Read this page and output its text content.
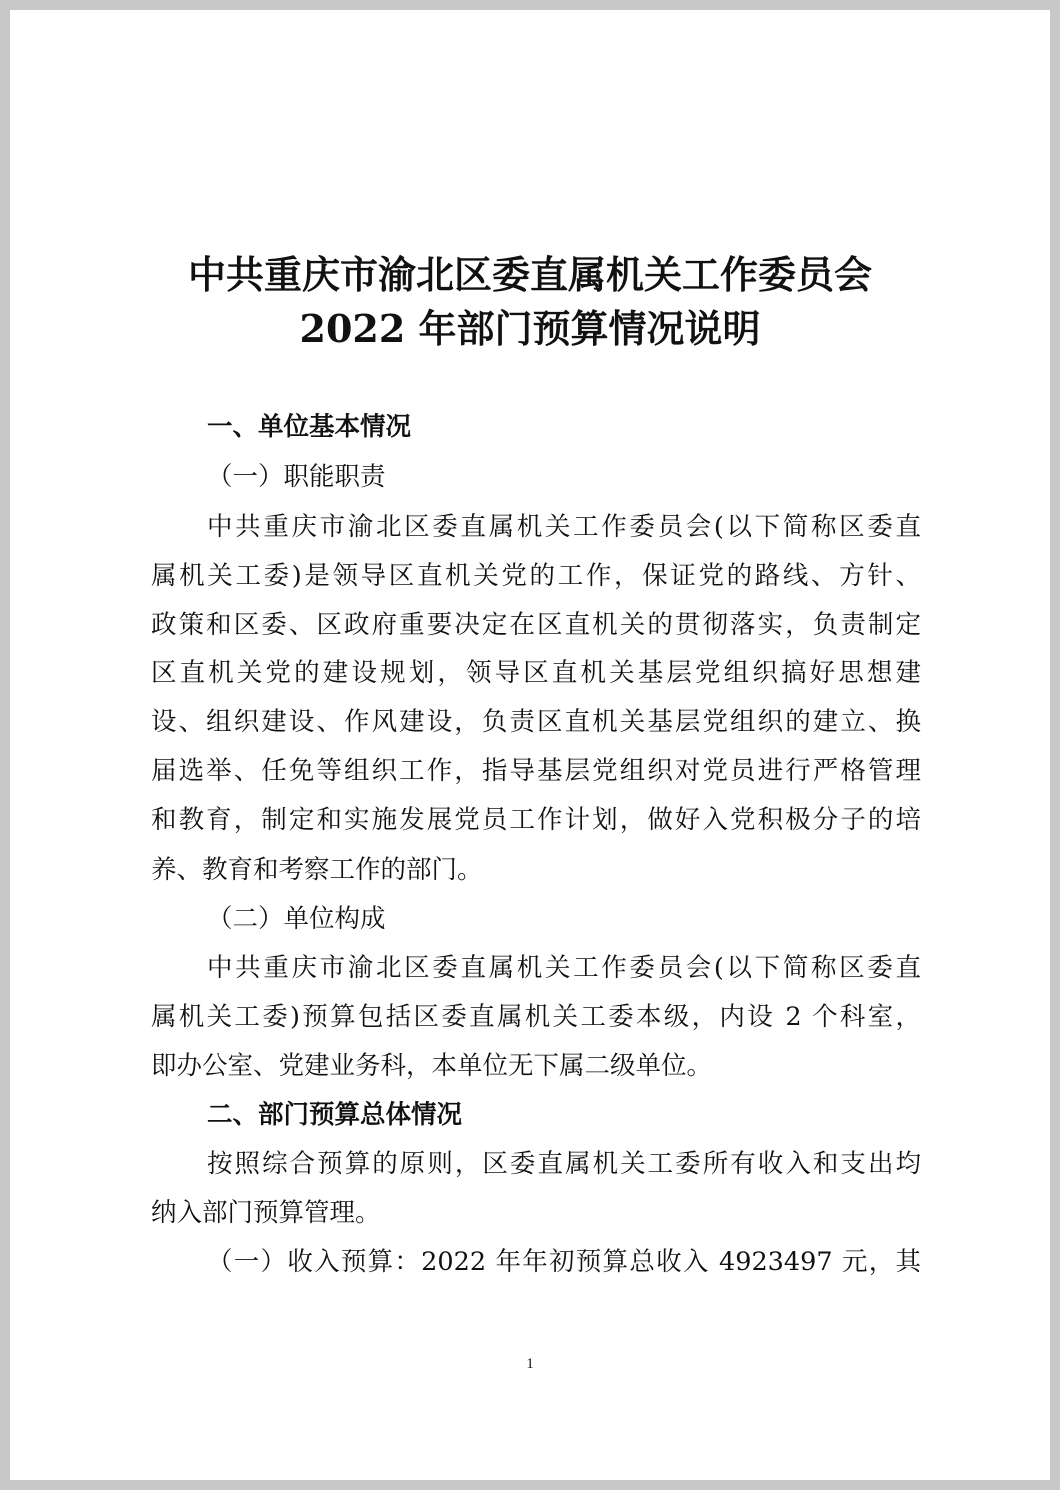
中共重庆市渝北区委直属机关工作委员会
2022 年部门预算情况说明
一、单位基本情况
（一）职能职责
中共重庆市渝北区委直属机关工作委员会(以下简称区委直
属机关工委)是领导区直机关党的工作，保证党的路线、方针、
政策和区委、区政府重要决定在区直机关的贯彻落实，负责制定
区直机关党的建设规划，领导区直机关基层党组织搞好思想建
设、组织建设、作风建设，负责区直机关基层党组织的建立、换
届选举、任免等组织工作，指导基层党组织对党员进行严格管理
和教育，制定和实施发展党员工作计划，做好入党积极分子的培
养、教育和考察工作的部门。
（二）单位构成
中共重庆市渝北区委直属机关工作委员会(以下简称区委直
属机关工委)预算包括区委直属机关工委本级，内设 2 个科室，
即办公室、党建业务科，本单位无下属二级单位。
二、部门预算总体情况
按照综合预算的原则，区委直属机关工委所有收入和支出均
纳入部门预算管理。
（一）收入预算：2022 年年初预算总收入 4923497 元，其
1
